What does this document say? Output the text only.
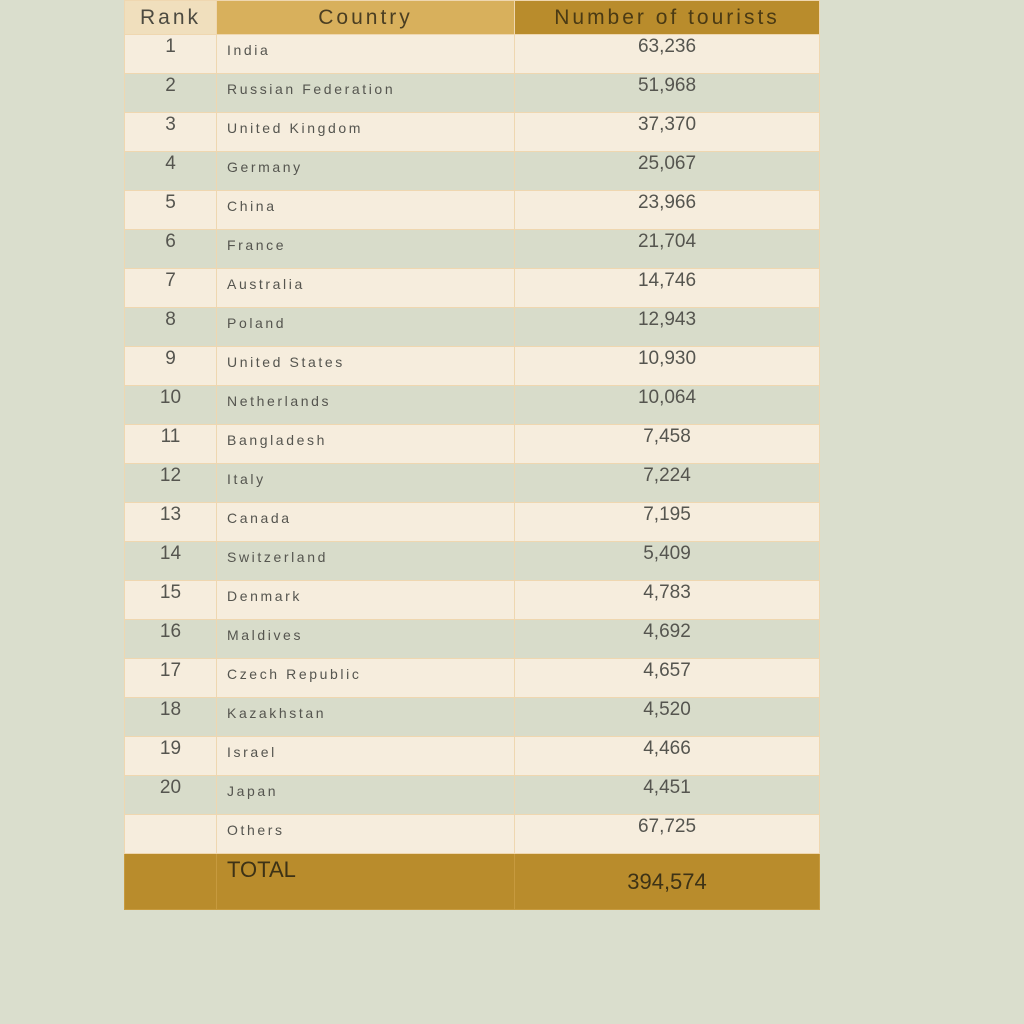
Rank	Country	Number of tourists

1	India	63,236

2	Russian Federation	51,968

3	United Kingdom	37,370

4	Germany	25,067

5	China	23,966

6	France	21,704

7	Australia	14,746

8	Poland	12,943

9	United States	10,930

10	Netherlands	10,064

11	Bangladesh	7,458

12	Italy	7,224

13	Canada	7,195

14	Switzerland	5,409

15	Denmark	4,783

16	Maldives	4,692

17	Czech Republic	4,657

18	Kazakhstan	4,520

19	Israel	4,466

20	Japan	4,451

	Others	67,725

	TOTAL	394,574
